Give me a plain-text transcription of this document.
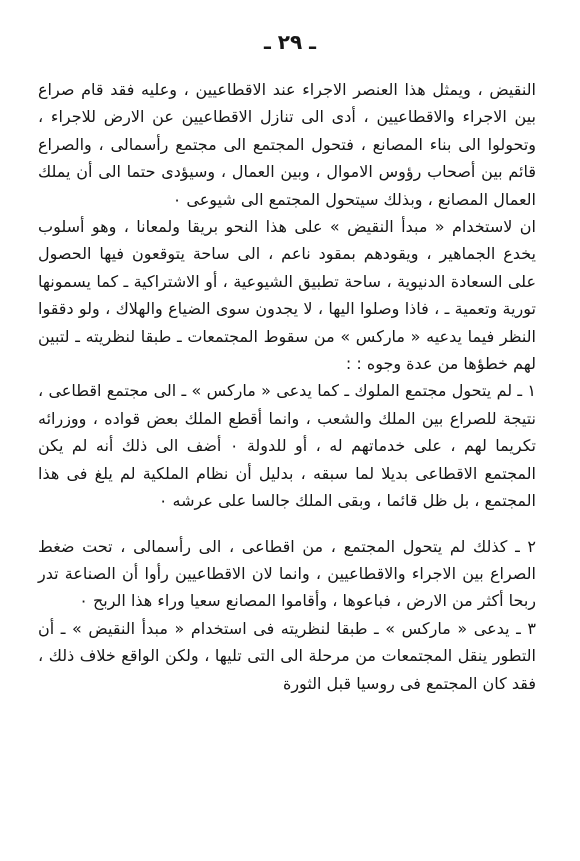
ـ ٢٩ ـ

النقيض ، ويمثل هذا العنصر الاجراء عند الاقطاعيين ، وعليه فقد قام صراع بين الاجراء والاقطاعيين ، أدى الى تنازل الاقطاعيين عن الارض للاجراء ، وتحولوا الى بناء المصانع ، فتحول المجتمع الى مجتمع رأسمالى ، والصراع قائم بين أصحاب رؤوس الاموال ، وبين العمال ، وسيؤدى حتما الى أن يملك العمال المصانع ، وبذلك سيتحول المجتمع الى شيوعى ٠

ان لاستخدام « مبدأ النقيض » على هذا النحو بريقا ولمعانا ، وهو أسلوب يخدع الجماهير ، ويقودهم بمقود ناعم ، الى ساحة يتوقعون فيها الحصول على السعادة الدنيوية ، ساحة تطبيق الشيوعية ، أو الاشتراكية ـ كما يسمونها تورية وتعمية ـ ، فاذا وصلوا اليها ، لا يجدون سوى الضياع والهلاك ، ولو دققوا النظر فيما يدعيه « ماركس » من سقوط المجتمعات ـ طبقا لنظريته ـ لتبين لهم خطؤها من عدة وجوه : :

١ ـ لم يتحول مجتمع الملوك ـ كما يدعى « ماركس » ـ الى مجتمع اقطاعى ، نتيجة للصراع بين الملك والشعب ، وانما أقطع الملك بعض قواده ، ووزرائه تكريما لهم ، على خدماتهم له ، أو للدولة ٠ أضف الى ذلك أنه لم يكن المجتمع الاقطاعى بديلا لما سبقه ، بدليل أن نظام الملكية لم يلغ فى هذا المجتمع ، بل ظل قائما ، وبقى الملك جالسا على عرشه ٠

٢ ـ كذلك لم يتحول المجتمع ، من اقطاعى ، الى رأسمالى ، تحت ضغط الصراع بين الاجراء والاقطاعيين ، وانما لان الاقطاعيين رأوا أن الصناعة تدر ربحا أكثر من الارض ، فباعوها ، وأقاموا المصانع سعيا وراء هذا الربح ٠

٣ ـ يدعى « ماركس » ـ طبقا لنظريته فى استخدام « مبدأ النقيض » ـ أن التطور ينقل المجتمعات من مرحلة الى التى تليها ، ولكن الواقع خلاف ذلك ، فقد كان المجتمع فى روسيا قبل الثورة
